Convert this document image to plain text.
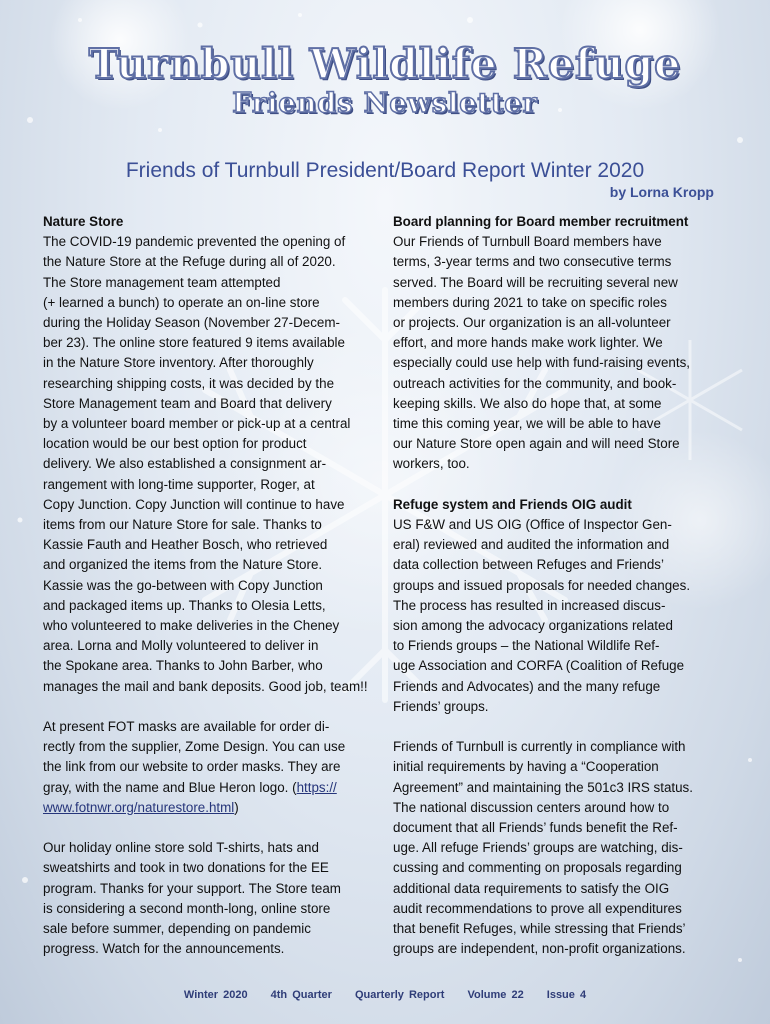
Turnbull Wildlife Refuge
Friends Newsletter
Friends of Turnbull President/Board Report Winter 2020
by Lorna Kropp

Nature Store

The COVID-19 pandemic prevented the opening of

the Nature Store at the Refuge during all of 2020.

The Store management team attempted

(+ learned a bunch) to operate an on-line store

during the Holiday Season (November 27-Decem-

ber 23). The online store featured 9 items available

in the Nature Store inventory. After thoroughly

researching shipping costs, it was decided by the

Store Management team and Board that delivery

by a volunteer board member or pick-up at a central

location would be our best option for product

delivery. We also established a consignment ar-

rangement with long-time supporter, Roger, at

Copy Junction. Copy Junction will continue to have

items from our Nature Store for sale. Thanks to

Kassie Fauth and Heather Bosch, who retrieved

and organized the items from the Nature Store.

Kassie was the go-between with Copy Junction

and packaged items up. Thanks to Olesia Letts,

who volunteered to make deliveries in the Cheney

area. Lorna and Molly volunteered to deliver in

the Spokane area. Thanks to John Barber, who

manages the mail and bank deposits. Good job, team!!

At present FOT masks are available for order di-

rectly from the supplier, Zome Design. You can use

the link from our website to order masks. They are

gray, with the name and Blue Heron logo. (https://

www.fotnwr.org/naturestore.html)

Our holiday online store sold T-shirts, hats and

sweatshirts and took in two donations for the EE

program. Thanks for your support. The Store team

is considering a second month-long, online store

sale before summer, depending on pandemic

progress. Watch for the announcements.

Board planning for Board member recruitment

Our Friends of Turnbull Board members have

terms, 3-year terms and two consecutive terms

served. The Board will be recruiting several new

members during 2021 to take on specific roles

or projects. Our organization is an all-volunteer

effort, and more hands make work lighter. We

especially could use help with fund-raising events,

outreach activities for the community, and book-

keeping skills. We also do hope that, at some

time this coming year, we will be able to have

our Nature Store open again and will need Store

workers, too.

Refuge system and Friends OIG audit

US F&W and US OIG (Office of Inspector Gen-

eral) reviewed and audited the information and

data collection between Refuges and Friends’

groups and issued proposals for needed changes.

The process has resulted in increased discus-

sion among the advocacy organizations related

to Friends groups – the National Wildlife Ref-

uge Association and CORFA (Coalition of Refuge

Friends and Advocates) and the many refuge

Friends’ groups.

Friends of Turnbull is currently in compliance with

initial requirements by having a “Cooperation

Agreement” and maintaining the 501c3 IRS status.

The national discussion centers around how to

document that all Friends’ funds benefit the Ref-

uge. All refuge Friends’ groups are watching, dis-

cussing and commenting on proposals regarding

additional data requirements to satisfy the OIG

audit recommendations to prove all expenditures

that benefit Refuges, while stressing that Friends’

groups are independent, non-profit organizations.

Winter 2020 4th Quarter Quarterly Report Volume 22 Issue 4
